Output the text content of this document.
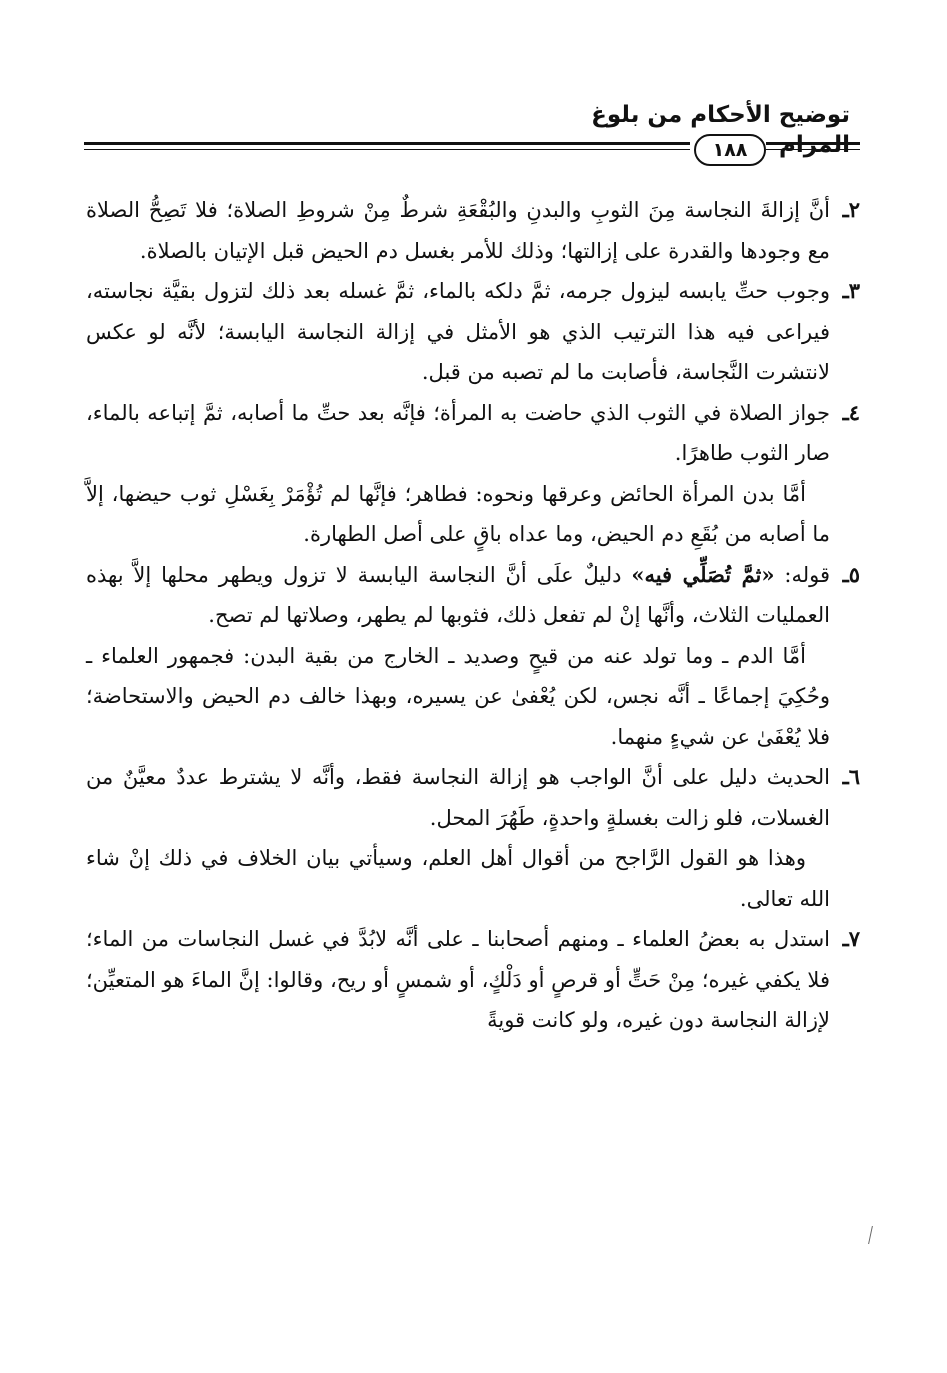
توضيح الأحكام من بلوغ المرام
١٨٨

٢ـ
أنَّ إزالةَ النجاسة مِنَ الثوبِ والبدنِ والبُقْعَةِ شرطٌ مِنْ شروطِ الصلاة؛ فلا تَصِحُّ الصلاة مع وجودها والقدرة على إزالتها؛ وذلك للأمر بغسل دم الحيض قبل الإتيان بالصلاة.

٣ـ
وجوب حتِّ يابسه ليزول جرمه، ثمَّ دلكه بالماء، ثمَّ غسله بعد ذلك لتزول بقيَّة نجاسته، فيراعى فيه هذا الترتيب الذي هو الأمثل في إزالة النجاسة اليابسة؛ لأنَّه لو عكس لانتشرت النَّجاسة، فأصابت ما لم تصبه من قبل.

٤ـ
جواز الصلاة في الثوب الذي حاضت به المرأة؛ فإنَّه بعد حتِّ ما أصابه، ثمَّ إتباعه بالماء، صار الثوب طاهرًا.

أمَّا بدن المرأة الحائض وعرقها ونحوه: فطاهر؛ فإنَّها لم تُؤْمَرْ بِغَسْلِ ثوب حيضها، إلاَّ ما أصابه من بُقَعِ دم الحيض، وما عداه باقٍ على أصل الطهارة.

٥ـ
قوله: «ثمَّ تُصَلِّي فيه» دليلٌ علَى أنَّ النجاسة اليابسة لا تزول ويطهر محلها إلاَّ بهذه العمليات الثلاث، وأنَّها إنْ لم تفعل ذلك، فثوبها لم يطهر، وصلاتها لم تصح.

أمَّا الدم ـ وما تولد عنه من قيحٍ وصديد ـ الخارج من بقية البدن: فجمهور العلماء ـ وحُكِيَ إجماعًا ـ أنَّه نجس، لكن يُعْفىٰ عن يسيره، وبهذا خالف دم الحيض والاستحاضة؛ فلا يُعْفَىٰ عن شيءٍ منهما.

٦ـ
الحديث دليل على أنَّ الواجب هو إزالة النجاسة فقط، وأنَّه لا يشترط عددٌ معيَّنٌ من الغسلات، فلو زالت بغسلةٍ واحدةٍ، طَهُرَ المحل.

وهذا هو القول الرَّاجح من أقوال أهل العلم، وسيأتي بيان الخلاف في ذلك إنْ شاء الله تعالى.

٧ـ
استدل به بعضُ العلماء ـ ومنهم أصحابنا ـ على أنَّه لابُدَّ في غسل النجاسات من الماء؛ فلا يكفي غيره؛ مِنْ حَتٍّ أو قرصٍ أو دَلْكٍ، أو شمسٍ أو ريح، وقالوا: إنَّ الماءَ هو المتعيِّن؛ لإزالة النجاسة دون غيره، ولو كانت قويةً
